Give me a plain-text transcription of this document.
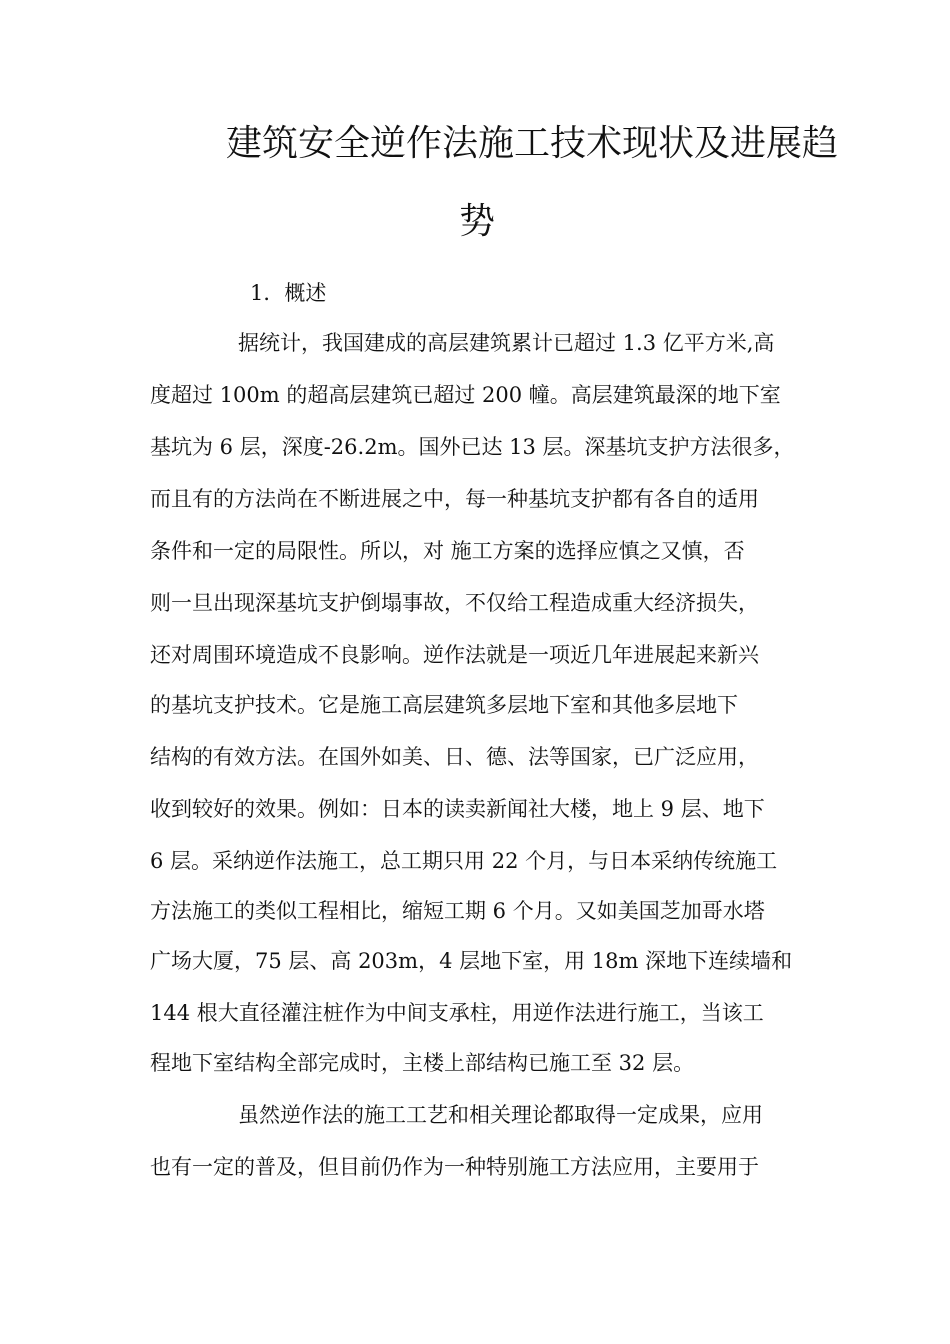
建筑安全逆作法施工技术现状及进展趋
势
1．概述
据统计，我国建成的高层建筑累计已超过 1.3 亿平方米,高
度超过 100m 的超高层建筑已超过 200 幢。高层建筑最深的地下室
基坑为 6 层，深度-26.2m。国外已达 13 层。深基坑支护方法很多，
而且有的方法尚在不断进展之中，每一种基坑支护都有各自的适用
条件和一定的局限性。所以，对 施工方案的选择应慎之又慎，否
则一旦出现深基坑支护倒塌事故，不仅给工程造成重大经济损失，
还对周围环境造成不良影响。逆作法就是一项近几年进展起来新兴
的基坑支护技术。它是施工高层建筑多层地下室和其他多层地下
结构的有效方法。在国外如美、日、德、法等国家，已广泛应用，
收到较好的效果。例如：日本的读卖新闻社大楼，地上 9 层、地下
6 层。采纳逆作法施工，总工期只用 22 个月，与日本采纳传统施工
方法施工的类似工程相比，缩短工期 6 个月。又如美国芝加哥水塔
广场大厦，75 层、高 203m，4 层地下室，用 18m 深地下连续墙和
144 根大直径灌注桩作为中间支承柱，用逆作法进行施工，当该工
程地下室结构全部完成时，主楼上部结构已施工至 32 层。
虽然逆作法的施工工艺和相关理论都取得一定成果，应用
也有一定的普及，但目前仍作为一种特别施工方法应用，主要用于
